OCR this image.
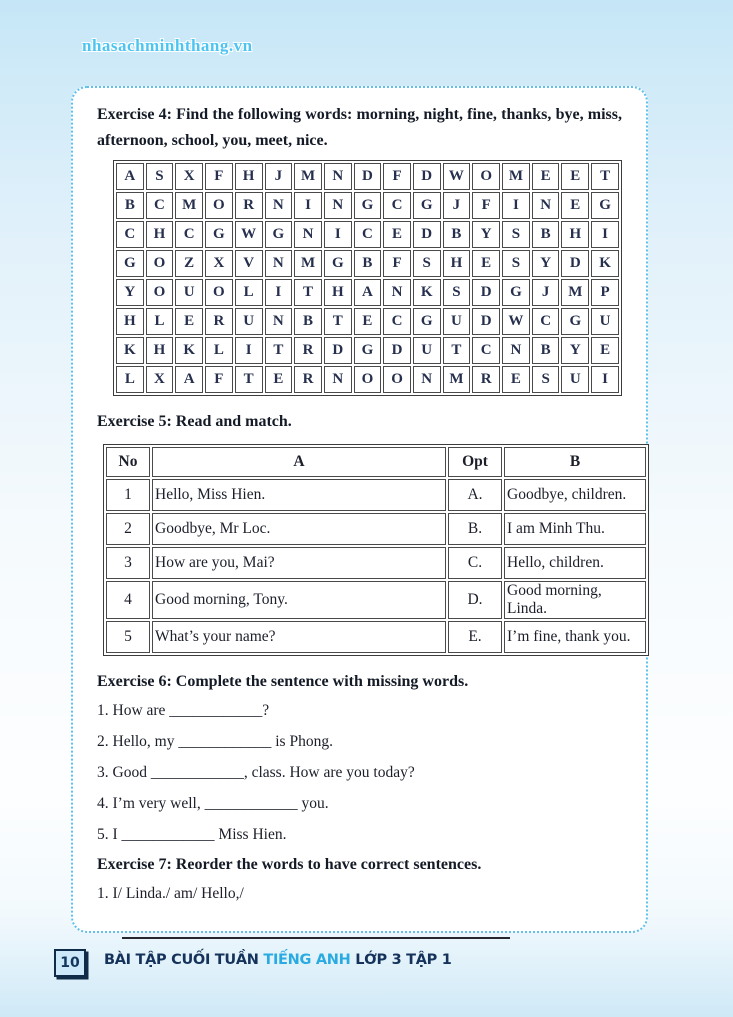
nhasachminhthang.vn
Exercise 4: Find the following words: morning, night, fine, thanks, bye, miss, afternoon, school, you, meet, nice.
A	S	X	F	H	J	M	N	D	F	D	W	O	M	E	E	T
B	C	M	O	R	N	I	N	G	C	G	J	F	I	N	E	G
C	H	C	G	W	G	N	I	C	E	D	B	Y	S	B	H	I
G	O	Z	X	V	N	M	G	B	F	S	H	E	S	Y	D	K
Y	O	U	O	L	I	T	H	A	N	K	S	D	G	J	M	P
H	L	E	R	U	N	B	T	E	C	G	U	D	W	C	G	U
K	H	K	L	I	T	R	D	G	D	U	T	C	N	B	Y	E
L	X	A	F	T	E	R	N	O	O	N	M	R	E	S	U	I
Exercise 5: Read and match.
No	A	Opt	B
1	Hello, Miss Hien.	A.	Goodbye, children.
2	Goodbye, Mr Loc.	B.	I am Minh Thu.
3	How are you, Mai?	C.	Hello, children.
4	Good morning, Tony.	D.	Good morning, Linda.
5	What’s your name?	E.	I’m fine, thank you.
Exercise 6: Complete the sentence with missing words.
1. How are ____________?
2. Hello, my ____________ is Phong.
3. Good ____________, class. How are you today?
4. I’m very well, ____________ you.
5. I ____________ Miss Hien.
Exercise 7: Reorder the words to have correct sentences.
1. I/ Linda./ am/ Hello,/
10	BÀI TẬP CUỐI TUẦN TIẾNG ANH LỚP 3 TẬP 1
